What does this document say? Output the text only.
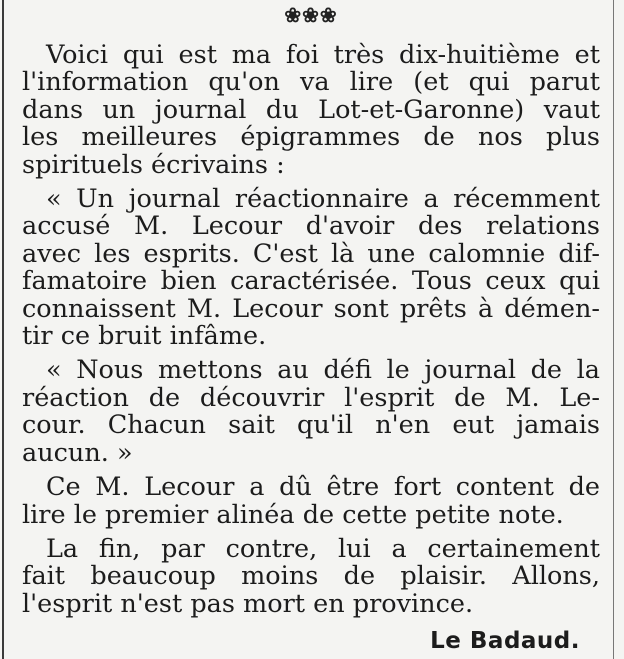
❀❀❀
Voici qui est ma foi très dix-huitième et
l'information qu'on va lire (et qui parut
dans un journal du Lot-et-Garonne) vaut
les meilleures épigrammes de nos plus
spirituels écrivains :
« Un journal réactionnaire a récemment
accusé M. Lecour d'avoir des relations
avec les esprits. C'est là une calomnie dif-
famatoire bien caractérisée. Tous ceux qui
connaissent M. Lecour sont prêts à démen-
tir ce bruit infâme.
« Nous mettons au défi le journal de la
réaction de découvrir l'esprit de M. Le-
cour. Chacun sait qu'il n'en eut jamais
aucun. »
Ce M. Lecour a dû être fort content de
lire le premier alinéa de cette petite note.
La fin, par contre, lui a certainement
fait beaucoup moins de plaisir. Allons,
l'esprit n'est pas mort en province.
Le Badaud.
